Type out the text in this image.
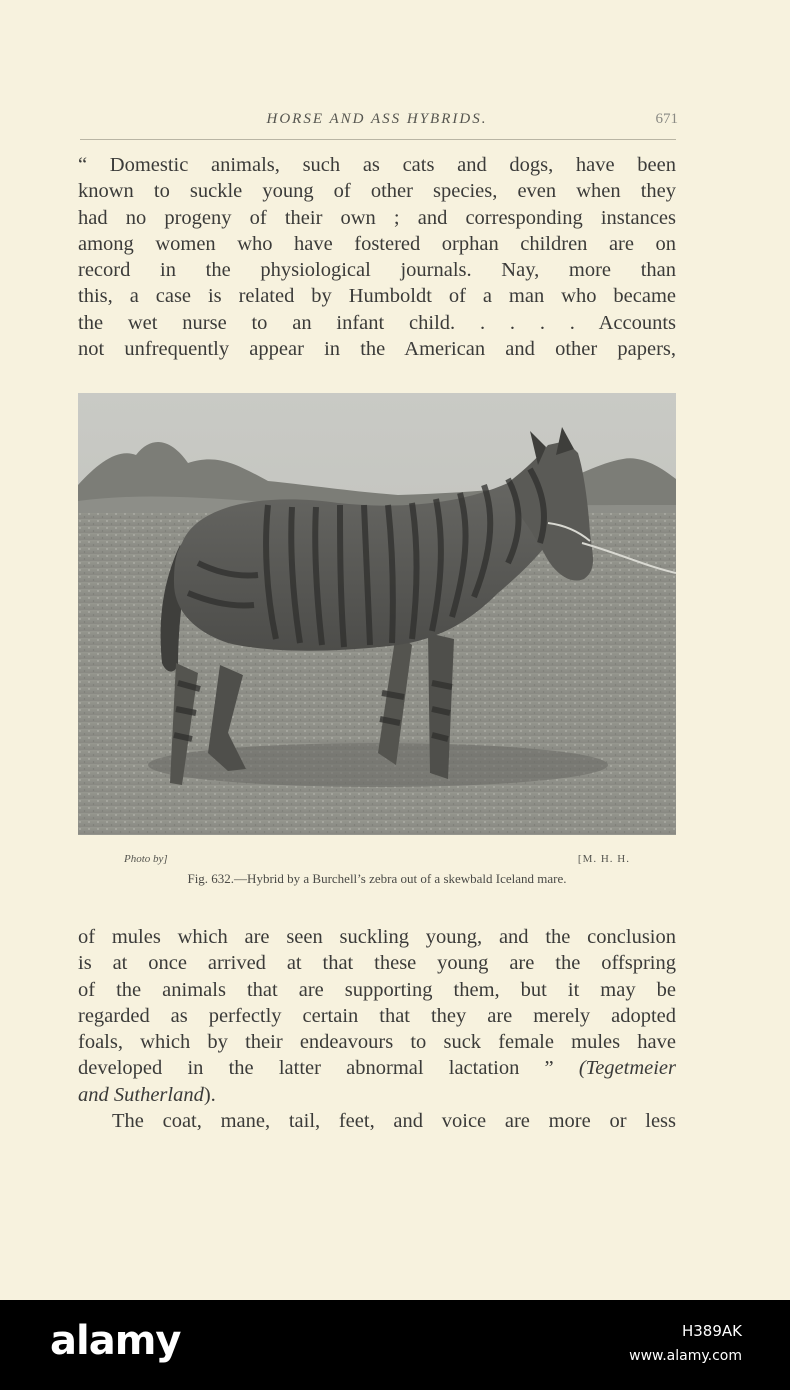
HORSE AND ASS HYBRIDS.	671
“ Domestic animals, such as cats and dogs, have been
known to suckle young of other species, even when they
had no progeny of their own ; and corresponding instances
among women who have fostered orphan children are on
record in the physiological journals. Nay, more than
this, a case is related by Humboldt of a man who became
the wet nurse to an infant child. . . . . Accounts
not unfrequently appear in the American and other papers,
Photo by]	[M. H. H.
Fig. 632.—Hybrid by a Burchell’s zebra out of a skewbald Iceland mare.
of mules which are seen suckling young, and the conclusion
is at once arrived at that these young are the offspring
of the animals that are supporting them, but it may be
regarded as perfectly certain that they are merely adopted
foals, which by their endeavours to suck female mules have
developed in the latter abnormal lactation ” (Tegetmeier
and Sutherland).
The coat, mane, tail, feet, and voice are more or less
alamy	H389AK
www.alamy.com
